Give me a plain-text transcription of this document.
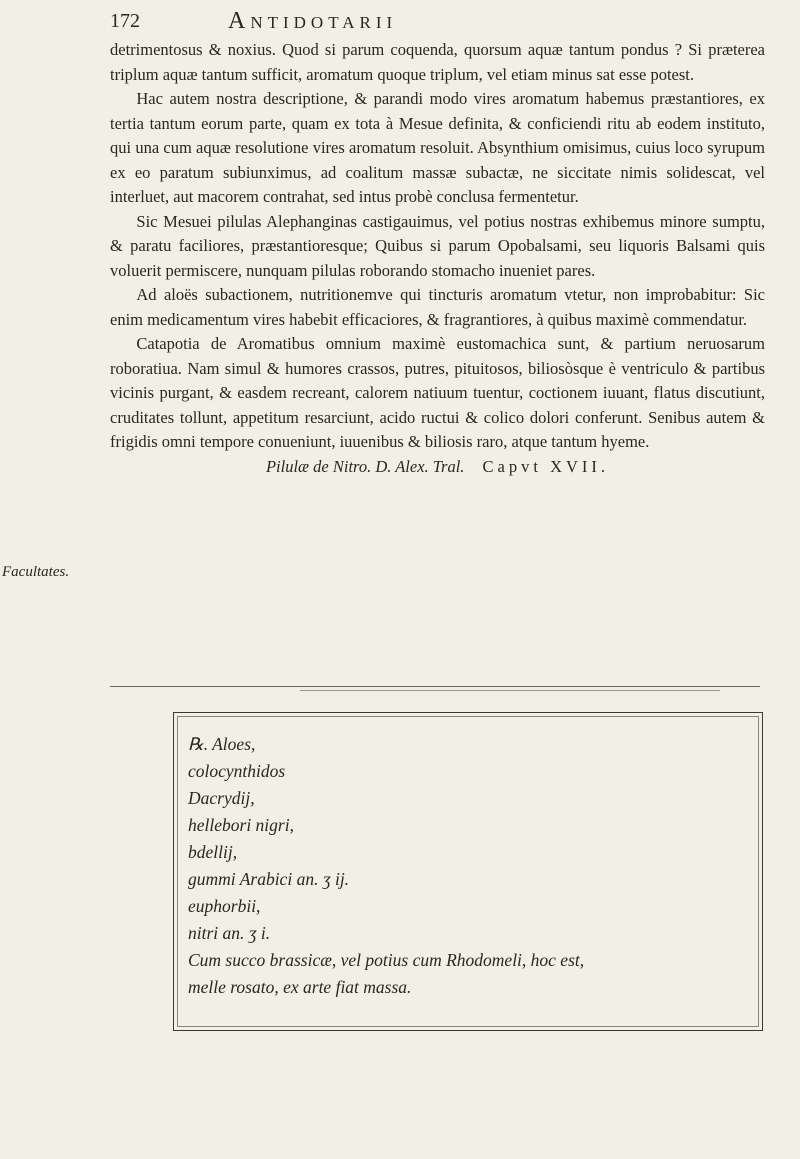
172	Antidotarii
Facultates.

detrimentosus & noxius. Quod si parum coquenda, quorsum aquæ tantum pondus ? Si præterea triplum aquæ tantum sufficit, aromatum quoque triplum, vel etiam minus sat esse potest.

Hac autem nostra descriptione, & parandi modo vires aromatum habemus præstantiores, ex tertia tantum eorum parte, quam ex tota à Mesue definita, & conficiendi ritu ab eodem instituto, qui una cum aquæ resolutione vires aromatum resoluit. Absynthium omisimus, cuius loco syrupum ex eo paratum subiunximus, ad coalitum massæ subactæ, ne siccitate nimis solidescat, vel interluet, aut macorem contrahat, sed intus probè conclusa fermentetur.

Sic Mesuei pilulas Alephanginas castigauimus, vel potius nostras exhibemus minore sumptu, & paratu faciliores, præstantioresque; Quibus si parum Opobalsami, seu liquoris Balsami quis voluerit permiscere, nunquam pilulas roborando stomacho inueniet pares.

Ad aloës subactionem, nutritionemve qui tincturis aromatum vtetur, non improbabitur: Sic enim medicamentum vires habebit efficaciores, & fragrantiores, à quibus maximè commendatur.

Catapotia de Aromatibus omnium maximè eustomachica sunt, & partium neruosarum roboratiua. Nam simul & humores crassos, putres, pituitosos, biliosòsque è ventriculo & partibus vicinis purgant, & easdem recreant, calorem natiuum tuentur, coctionem iuuant, flatus discutiunt, cruditates tollunt, appetitum resarciunt, acido ructui & colico dolori conferunt. Senibus autem & frigidis omni tempore conueniunt, iuuenibus & biliosis raro, atque tantum hyeme.

Pilulæ de Nitro. D. Alex. Tral. Capvt XVII.
℞. Aloes,
colocynthidos
Dacrydij,
hellebori nigri,
bdellij,
gummi Arabici an. ʒ ij.
euphorbii,
nitri an. ʒ i.
Cum succo brassicæ, vel potius cum Rhodomeli, hoc est,
melle rosato, ex arte fiat massa.
